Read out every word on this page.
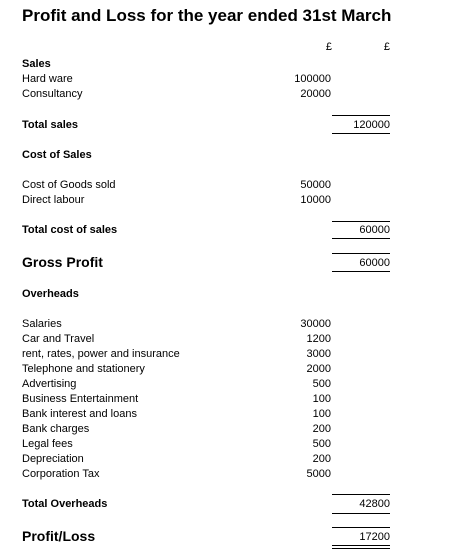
Profit and Loss for the year ended 31st March
£	£
Sales
Hard ware	100000
Consultancy	20000
Total sales	120000
Cost of Sales
Cost of Goods sold	50000
Direct labour	10000
Total cost of sales	60000
Gross Profit	60000
Overheads
Salaries	30000
Car and Travel	1200
rent, rates, power and insurance	3000
Telephone and stationery	2000
Advertising	500
Business Entertainment	100
Bank interest and loans	100
Bank charges	200
Legal fees	500
Depreciation	200
Corporation Tax	5000
Total Overheads	42800
Profit/Loss	17200
